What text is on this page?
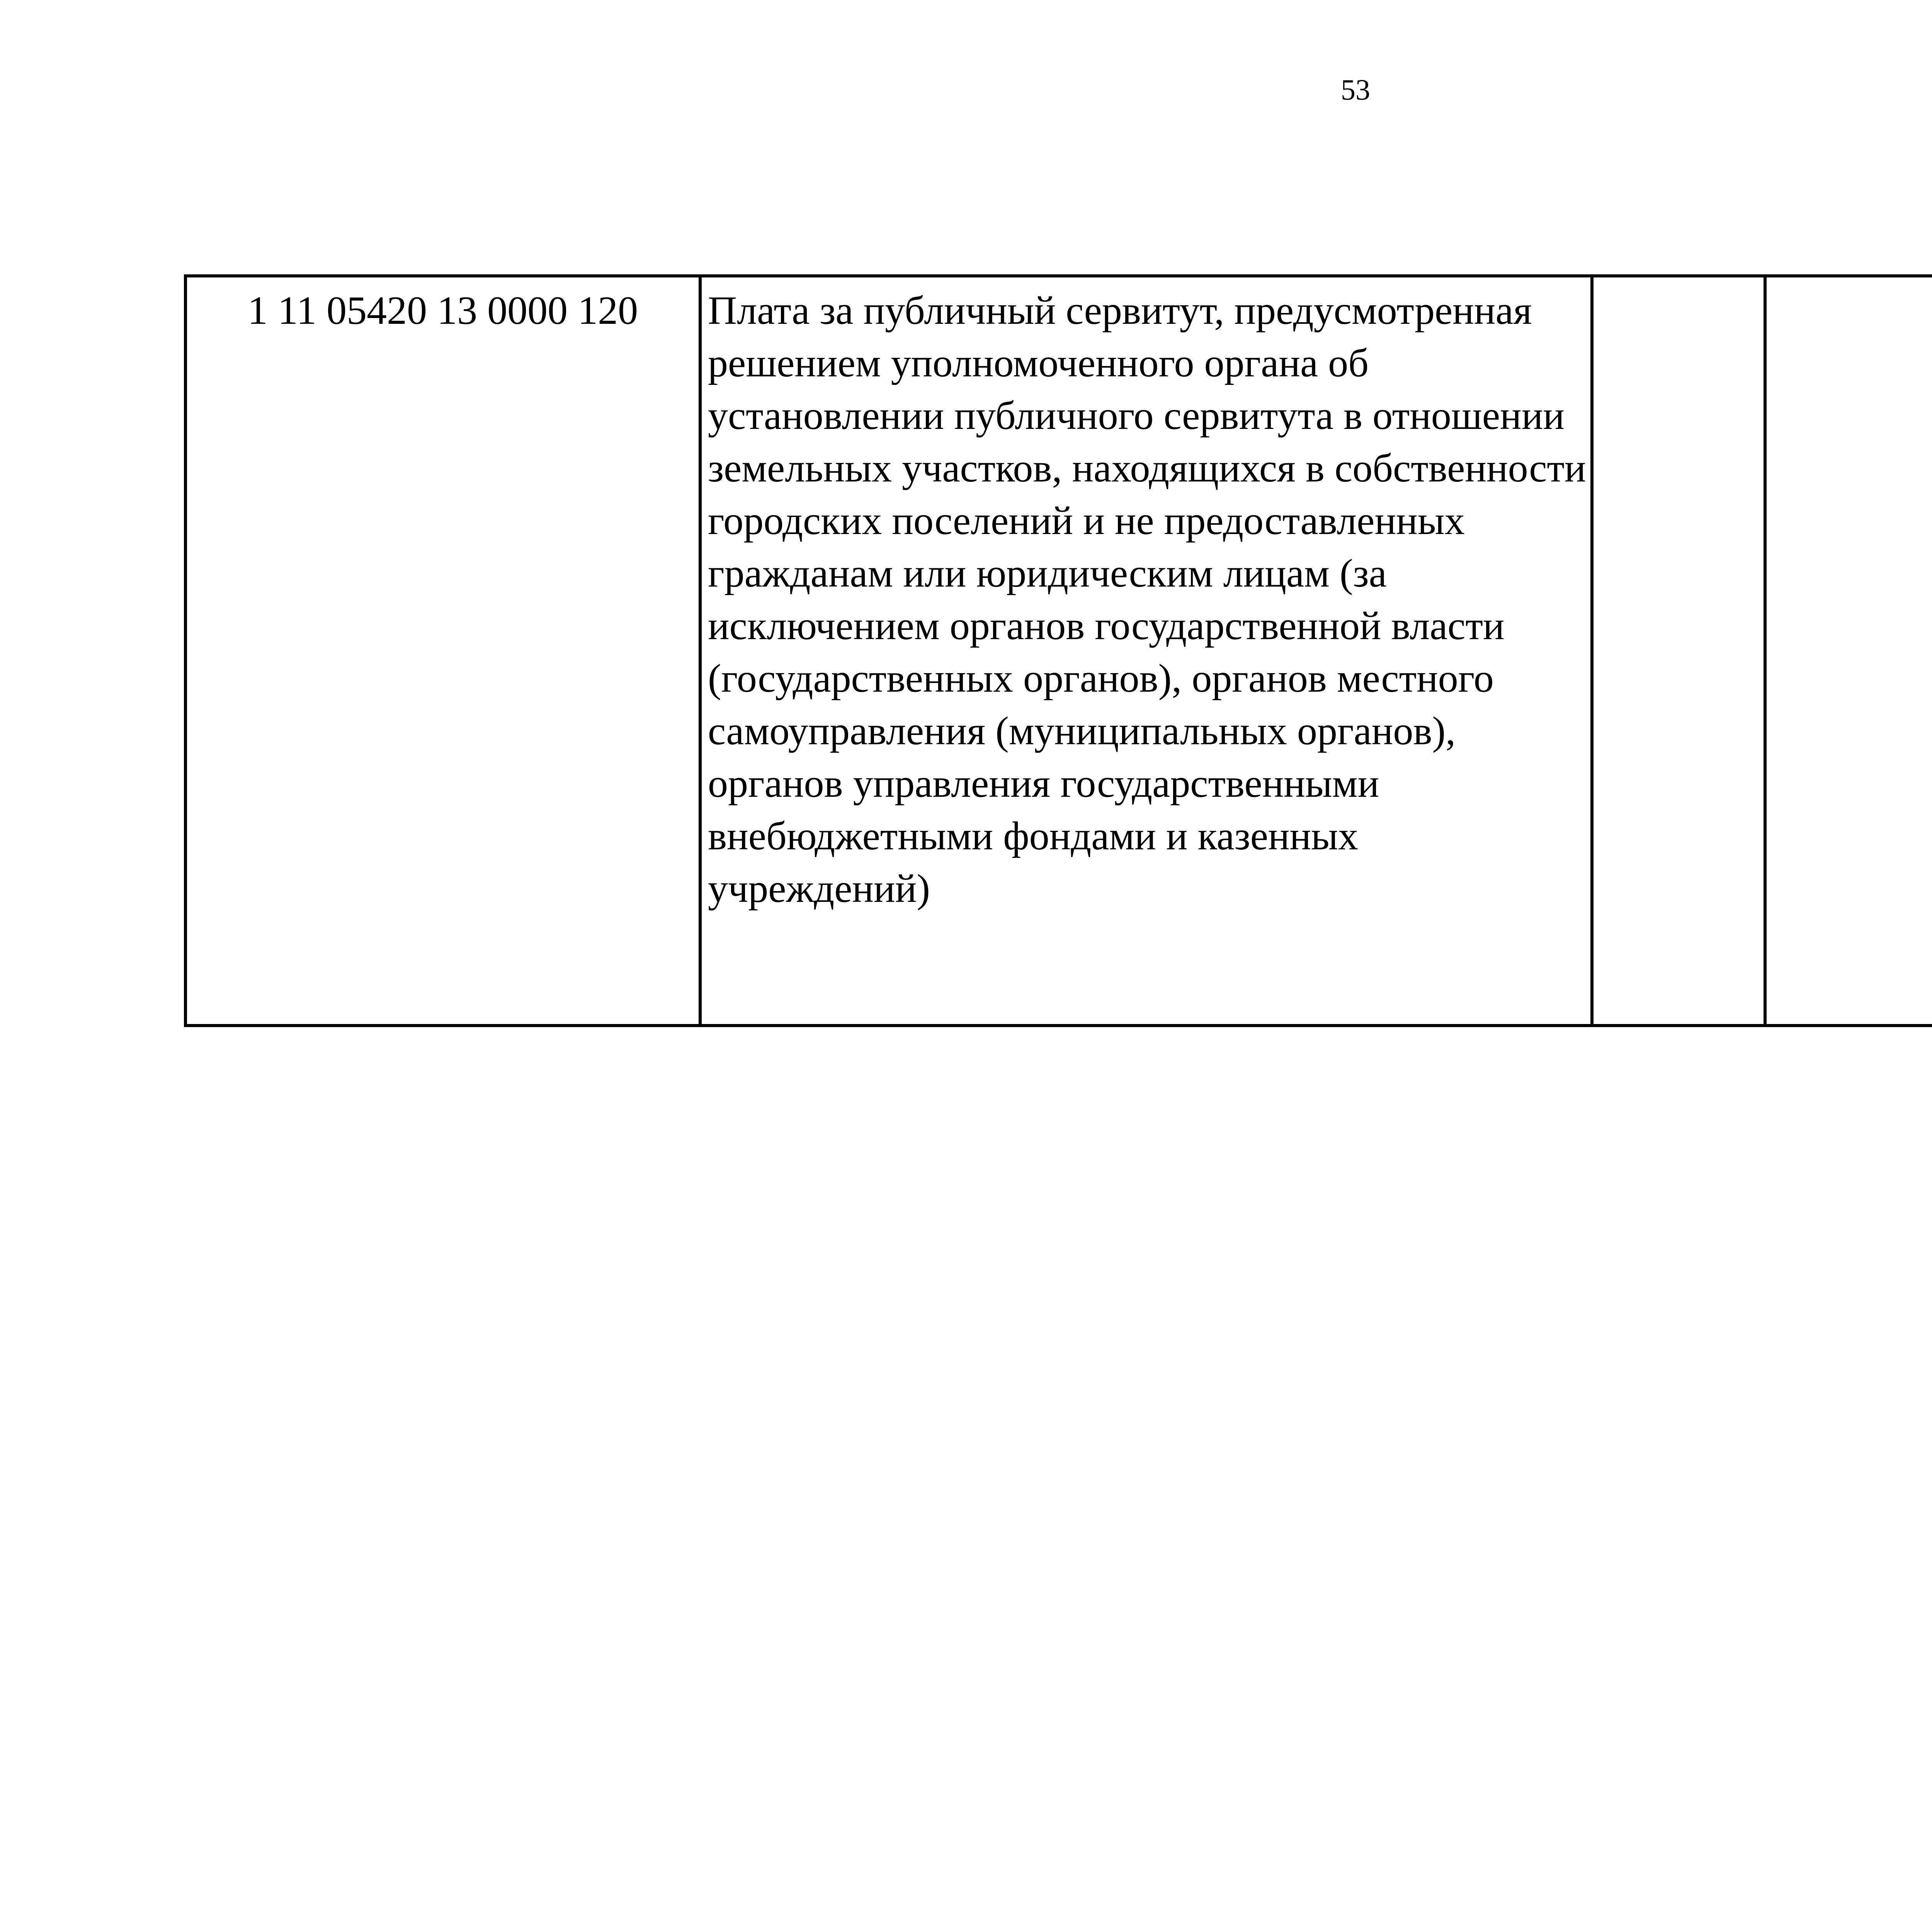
53
1 11 05420 13 0000 120	Плата за публичный сервитут, предусмотренная решением уполномоченного органа об установлении публичного сервитута в отношении земельных участков, находящихся в собственности городских поселений и не предоставленных гражданам или юридическим лицам (за исключением органов государственной власти (государственных органов), органов местного самоуправления (муниципальных органов), органов управления государственными внебюджетными фондами и казенных учреждений)					
